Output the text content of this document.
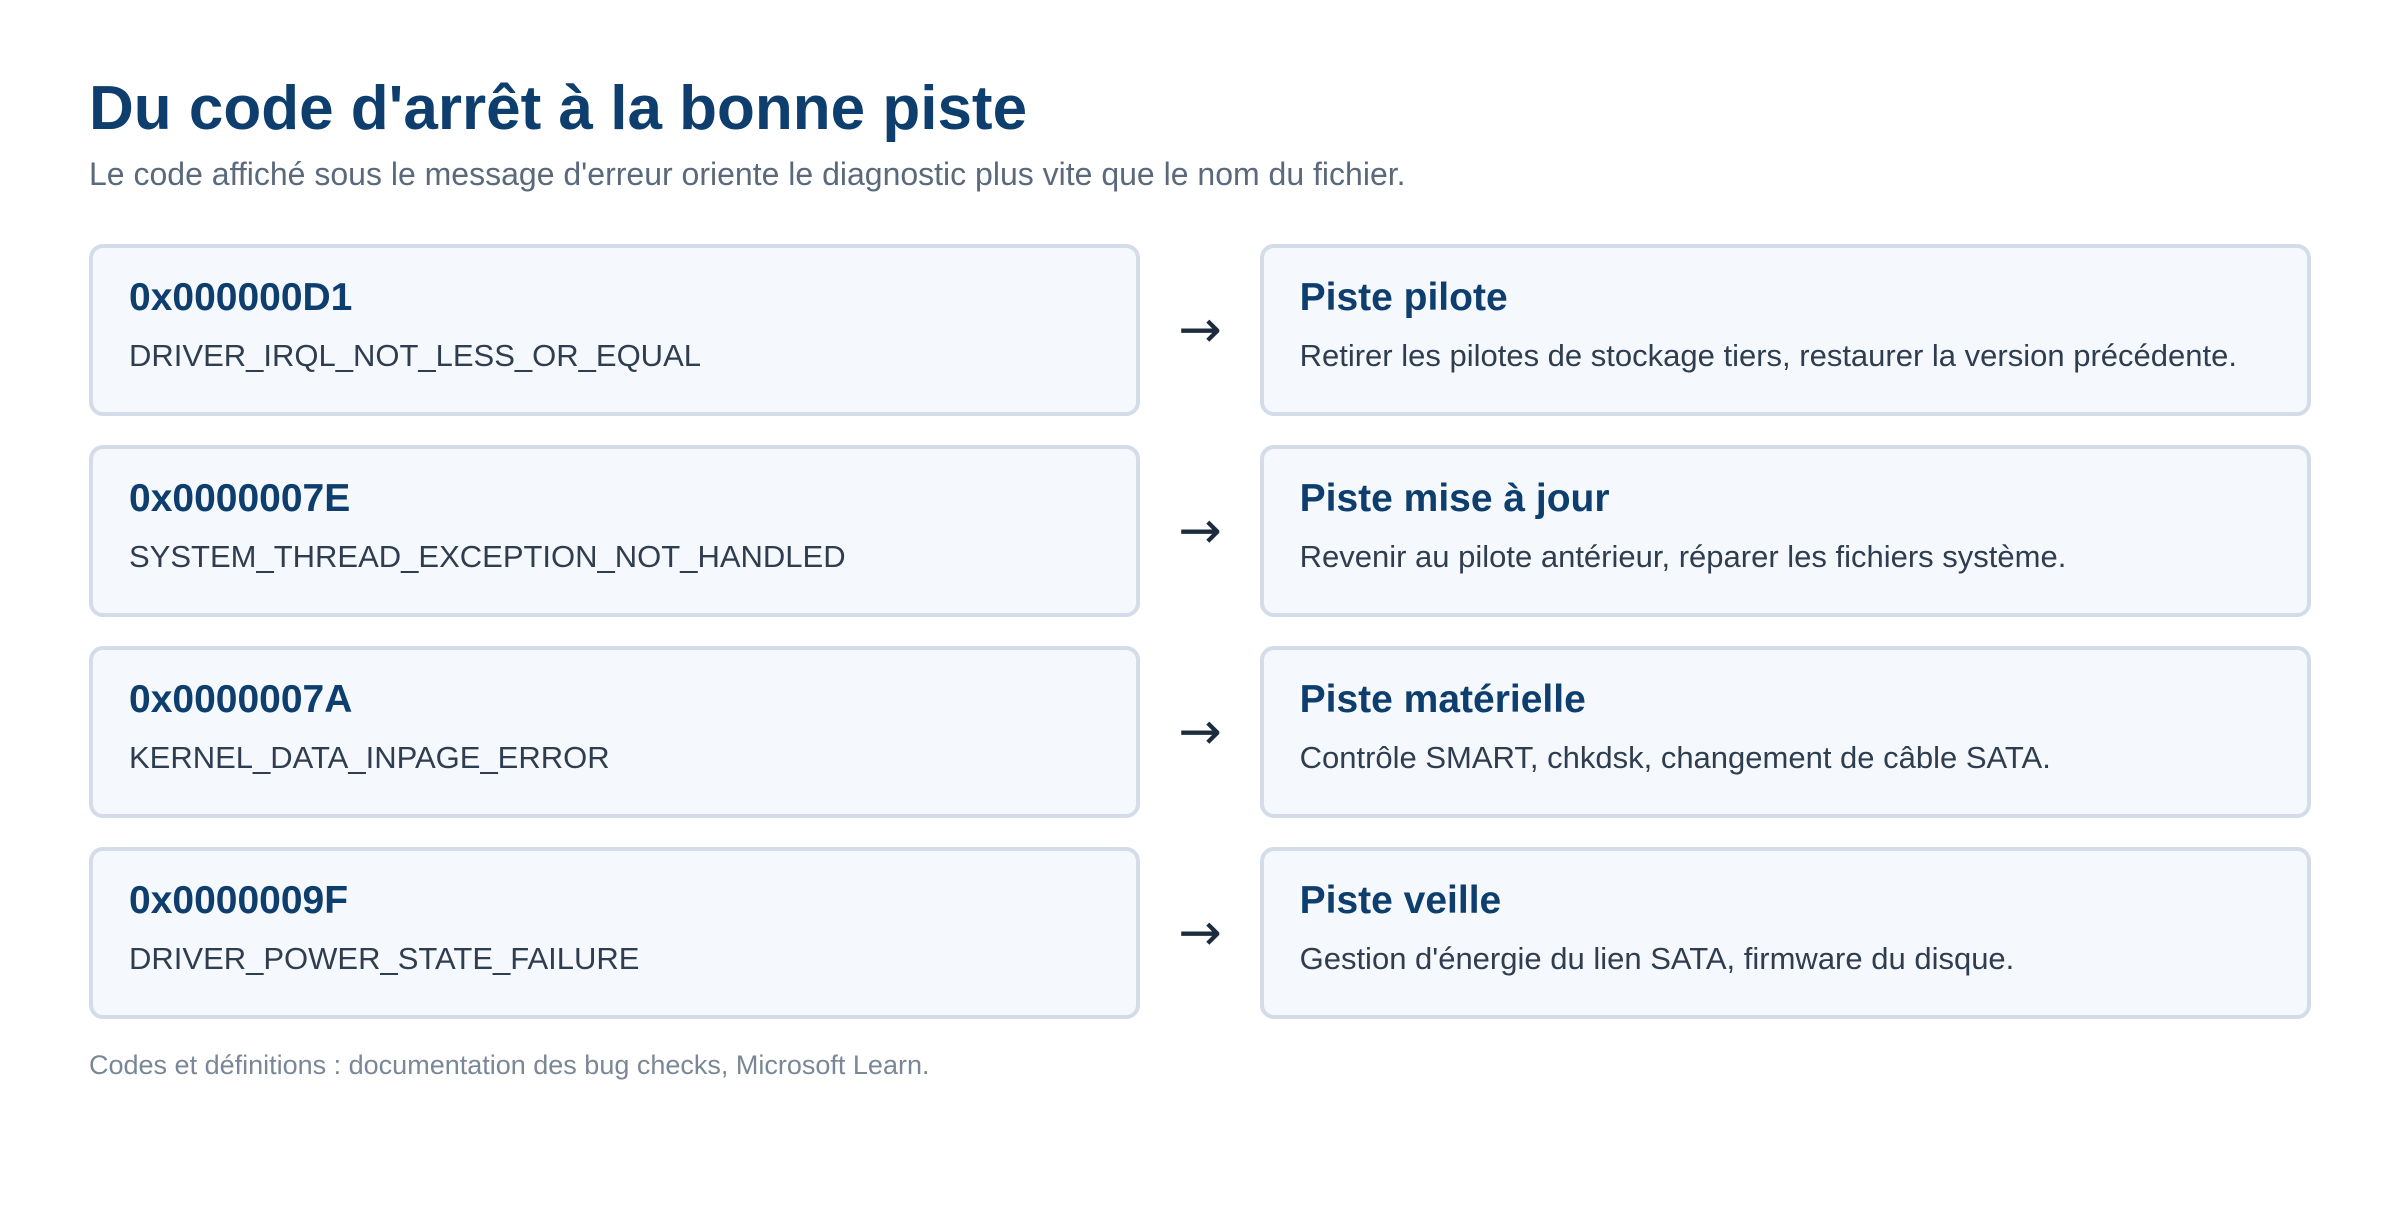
Du code d'arrêt à la bonne piste

Le code affiché sous le message d'erreur oriente le diagnostic plus vite que le nom du fichier.

0x000000D1
DRIVER_IRQL_NOT_LESS_OR_EQUAL	→
Piste pilote
Retirer les pilotes de stockage tiers, restaurer la version précédente.
0x0000007E
SYSTEM_THREAD_EXCEPTION_NOT_HANDLED	→
Piste mise à jour
Revenir au pilote antérieur, réparer les fichiers système.
0x0000007A
KERNEL_DATA_INPAGE_ERROR	→
Piste matérielle
Contrôle SMART, chkdsk, changement de câble SATA.
0x0000009F
DRIVER_POWER_STATE_FAILURE	→
Piste veille
Gestion d'énergie du lien SATA, firmware du disque.
Codes et définitions : documentation des bug checks, Microsoft Learn.
